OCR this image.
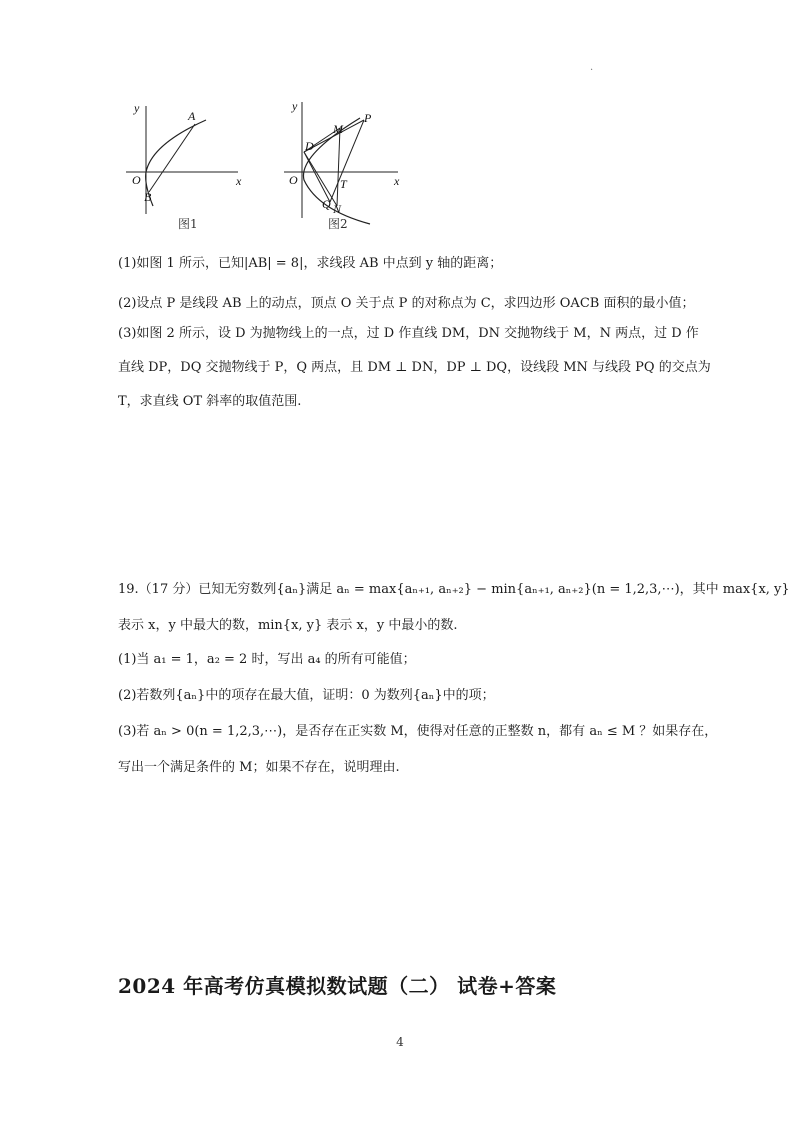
.
y
x
O
A
B
图1
y
x
O
D
M
P
T
Q N
图2
(1)如图 1 所示，已知|AB| = 8|，求线段 AB 中点到 y 轴的距离；
(2)设点 P 是线段 AB 上的动点，顶点 O 关于点 P 的对称点为 C，求四边形 OACB 面积的最小值；
(3)如图 2 所示，设 D 为抛物线上的一点，过 D 作直线 DM，DN 交抛物线于 M，N 两点，过 D 作
直线 DP，DQ 交抛物线于 P，Q 两点，且 DM ⊥ DN，DP ⊥ DQ，设线段 MN 与线段 PQ 的交点为
T，求直线 OT 斜率的取值范围.
19.（17 分）已知无穷数列{aₙ}满足 aₙ = max{aₙ₊₁, aₙ₊₂} − min{aₙ₊₁, aₙ₊₂}(n = 1,2,3,⋯)，其中 max{x, y}
表示 x，y 中最大的数，min{x, y} 表示 x，y 中最小的数.
(1)当 a₁ = 1，a₂ = 2 时，写出 a₄ 的所有可能值；
(2)若数列{aₙ}中的项存在最大值，证明：0 为数列{aₙ}中的项；
(3)若 aₙ > 0(n = 1,2,3,⋯)，是否存在正实数 M，使得对任意的正整数 n，都有 aₙ ≤ M ？如果存在，
写出一个满足条件的 M；如果不存在，说明理由.
2024 年高考仿真模拟数试题（二） 试卷+答案
4
